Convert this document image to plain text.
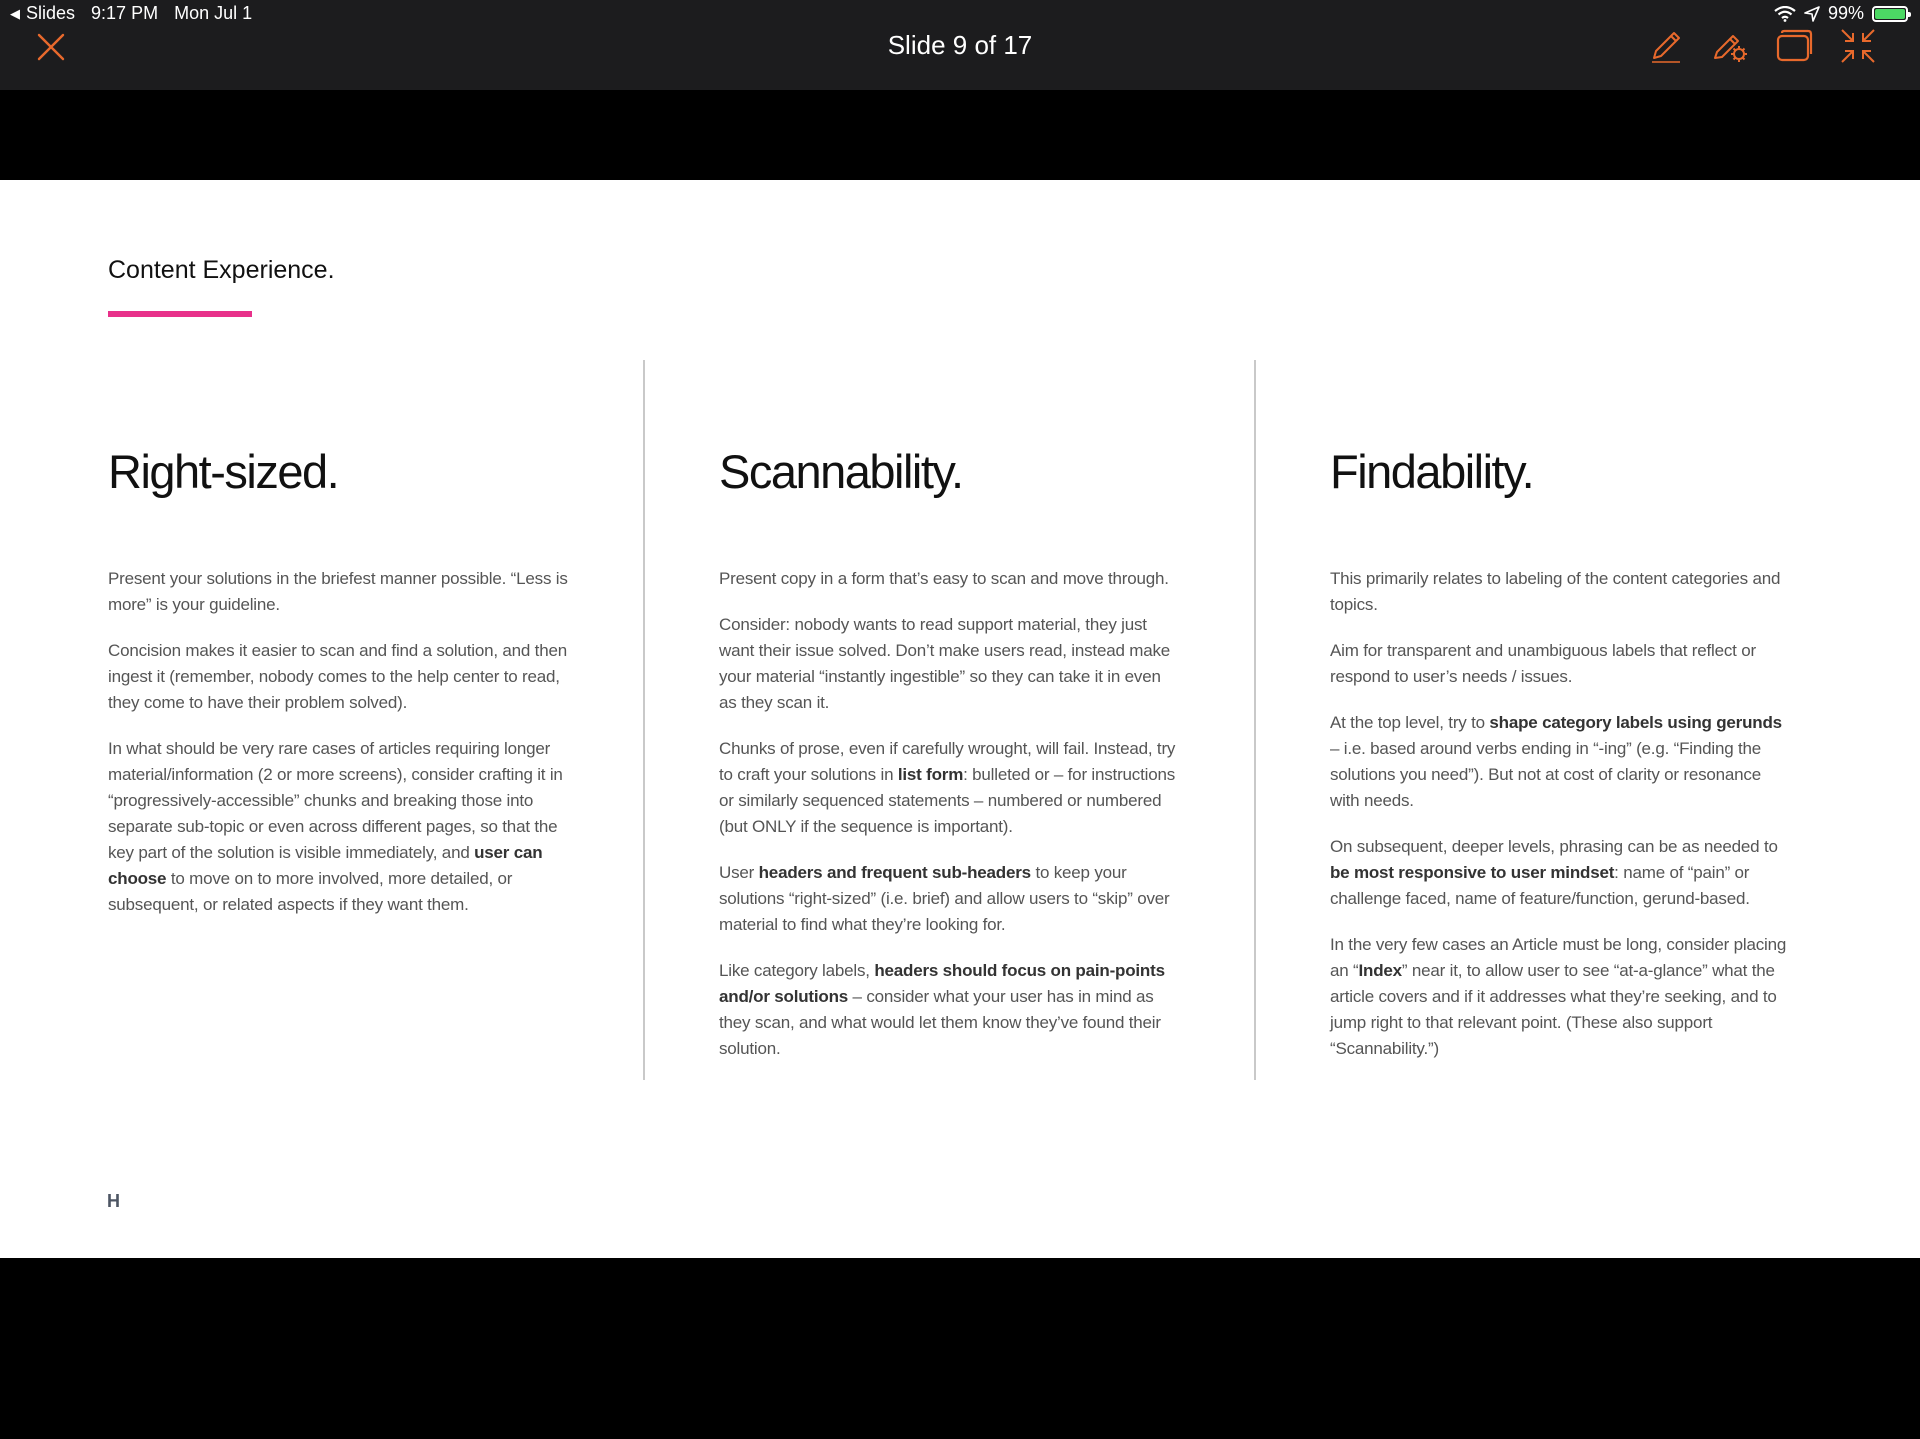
◀ Slides 9:17 PM Mon Jul 1	99%
Slide 9 of 17
Content Experience.
Right-sized.

Present your solutions in the briefest manner possible. “Less is more” is your guideline.

Concision makes it easier to scan and find a solution, and then ingest it (remember, nobody comes to the help center to read, they come to have their problem solved).

In what should be very rare cases of articles requiring longer material/information (2 or more screens), consider crafting it in “progressively-accessible” chunks and breaking those into separate sub-topic or even across different pages, so that the key part of the solution is visible immediately, and user can choose to move on to more involved, more detailed, or subsequent, or related aspects if they want them.

Scannability.

Present copy in a form that’s easy to scan and move through.

Consider: nobody wants to read support material, they just want their issue solved. Don’t make users read, instead make your material “instantly ingestible” so they can take it in even as they scan it.

Chunks of prose, even if carefully wrought, will fail. Instead, try to craft your solutions in list form: bulleted or – for instructions or similarly sequenced statements – numbered or numbered (but ONLY if the sequence is important).

User headers and frequent sub-headers to keep your solutions “right-sized” (i.e. brief) and allow users to “skip” over material to find what they’re looking for.

Like category labels, headers should focus on pain-points and/or solutions – consider what your user has in mind as they scan, and what would let them know they’ve found their solution.

Findability.

This primarily relates to labeling of the content categories and topics.

Aim for transparent and unambiguous labels that reflect or respond to user’s needs / issues.

At the top level, try to shape category labels using gerunds – i.e. based around verbs ending in “-ing” (e.g. “Finding the solutions you need”). But not at cost of clarity or resonance with needs.

On subsequent, deeper levels, phrasing can be as needed to be most responsive to user mindset: name of “pain” or challenge faced, name of feature/function, gerund-based.

In the very few cases an Article must be long, consider placing an “Index” near it, to allow user to see “at-a-glance” what the article covers and if it addresses what they’re seeking, and to jump right to that relevant point. (These also support “Scannability.”)

H
